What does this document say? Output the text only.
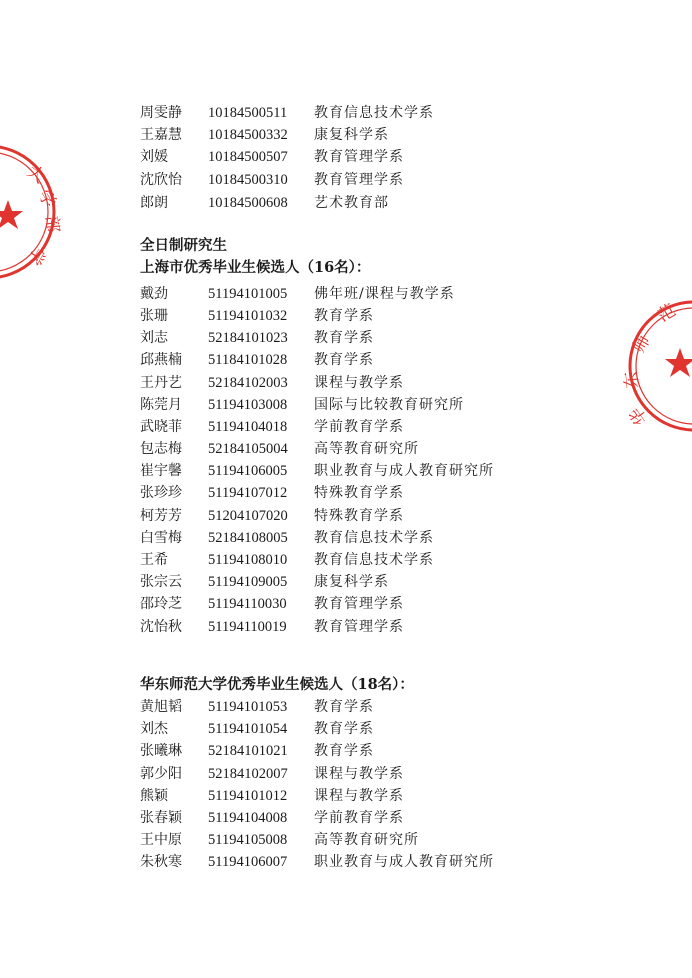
大
学
部
学
范
师
东
华
周雯静	10184500511 教育信息技术学系
王嘉慧	10184500332 康复科学系
刘媛	10184500507 教育管理学系
沈欣怡	10184500310 教育管理学系
郎朗	10184500608 艺术教育部
全日制研究生
上海市优秀毕业生候选人（16名）：
戴劲	51194101005 佛年班/课程与教学系
张珊	51194101032 教育学系
刘志	52184101023 教育学系
邱燕楠	51184101028 教育学系
王丹艺	52184102003 课程与教学系
陈莞月	51194103008 国际与比较教育研究所
武晓菲	51194104018 学前教育学系
包志梅	52184105004 高等教育研究所
崔宇馨	51194106005 职业教育与成人教育研究所
张珍珍	51194107012 特殊教育学系
柯芳芳	51204107020 特殊教育学系
白雪梅	52184108005 教育信息技术学系
王希	51194108010 教育信息技术学系
张宗云	51194109005 康复科学系
邵玲芝	51194110030 教育管理学系
沈怡秋	51194110019 教育管理学系
华东师范大学优秀毕业生候选人（18名）：
黄旭韬	51194101053 教育学系
刘杰	51194101054 教育学系
张曦琳	52184101021 教育学系
郭少阳	52184102007 课程与教学系
熊颖	51194101012 课程与教学系
张春颖	51194104008 学前教育学系
王中原	51194105008 高等教育研究所
朱秋寒	51194106007 职业教育与成人教育研究所
